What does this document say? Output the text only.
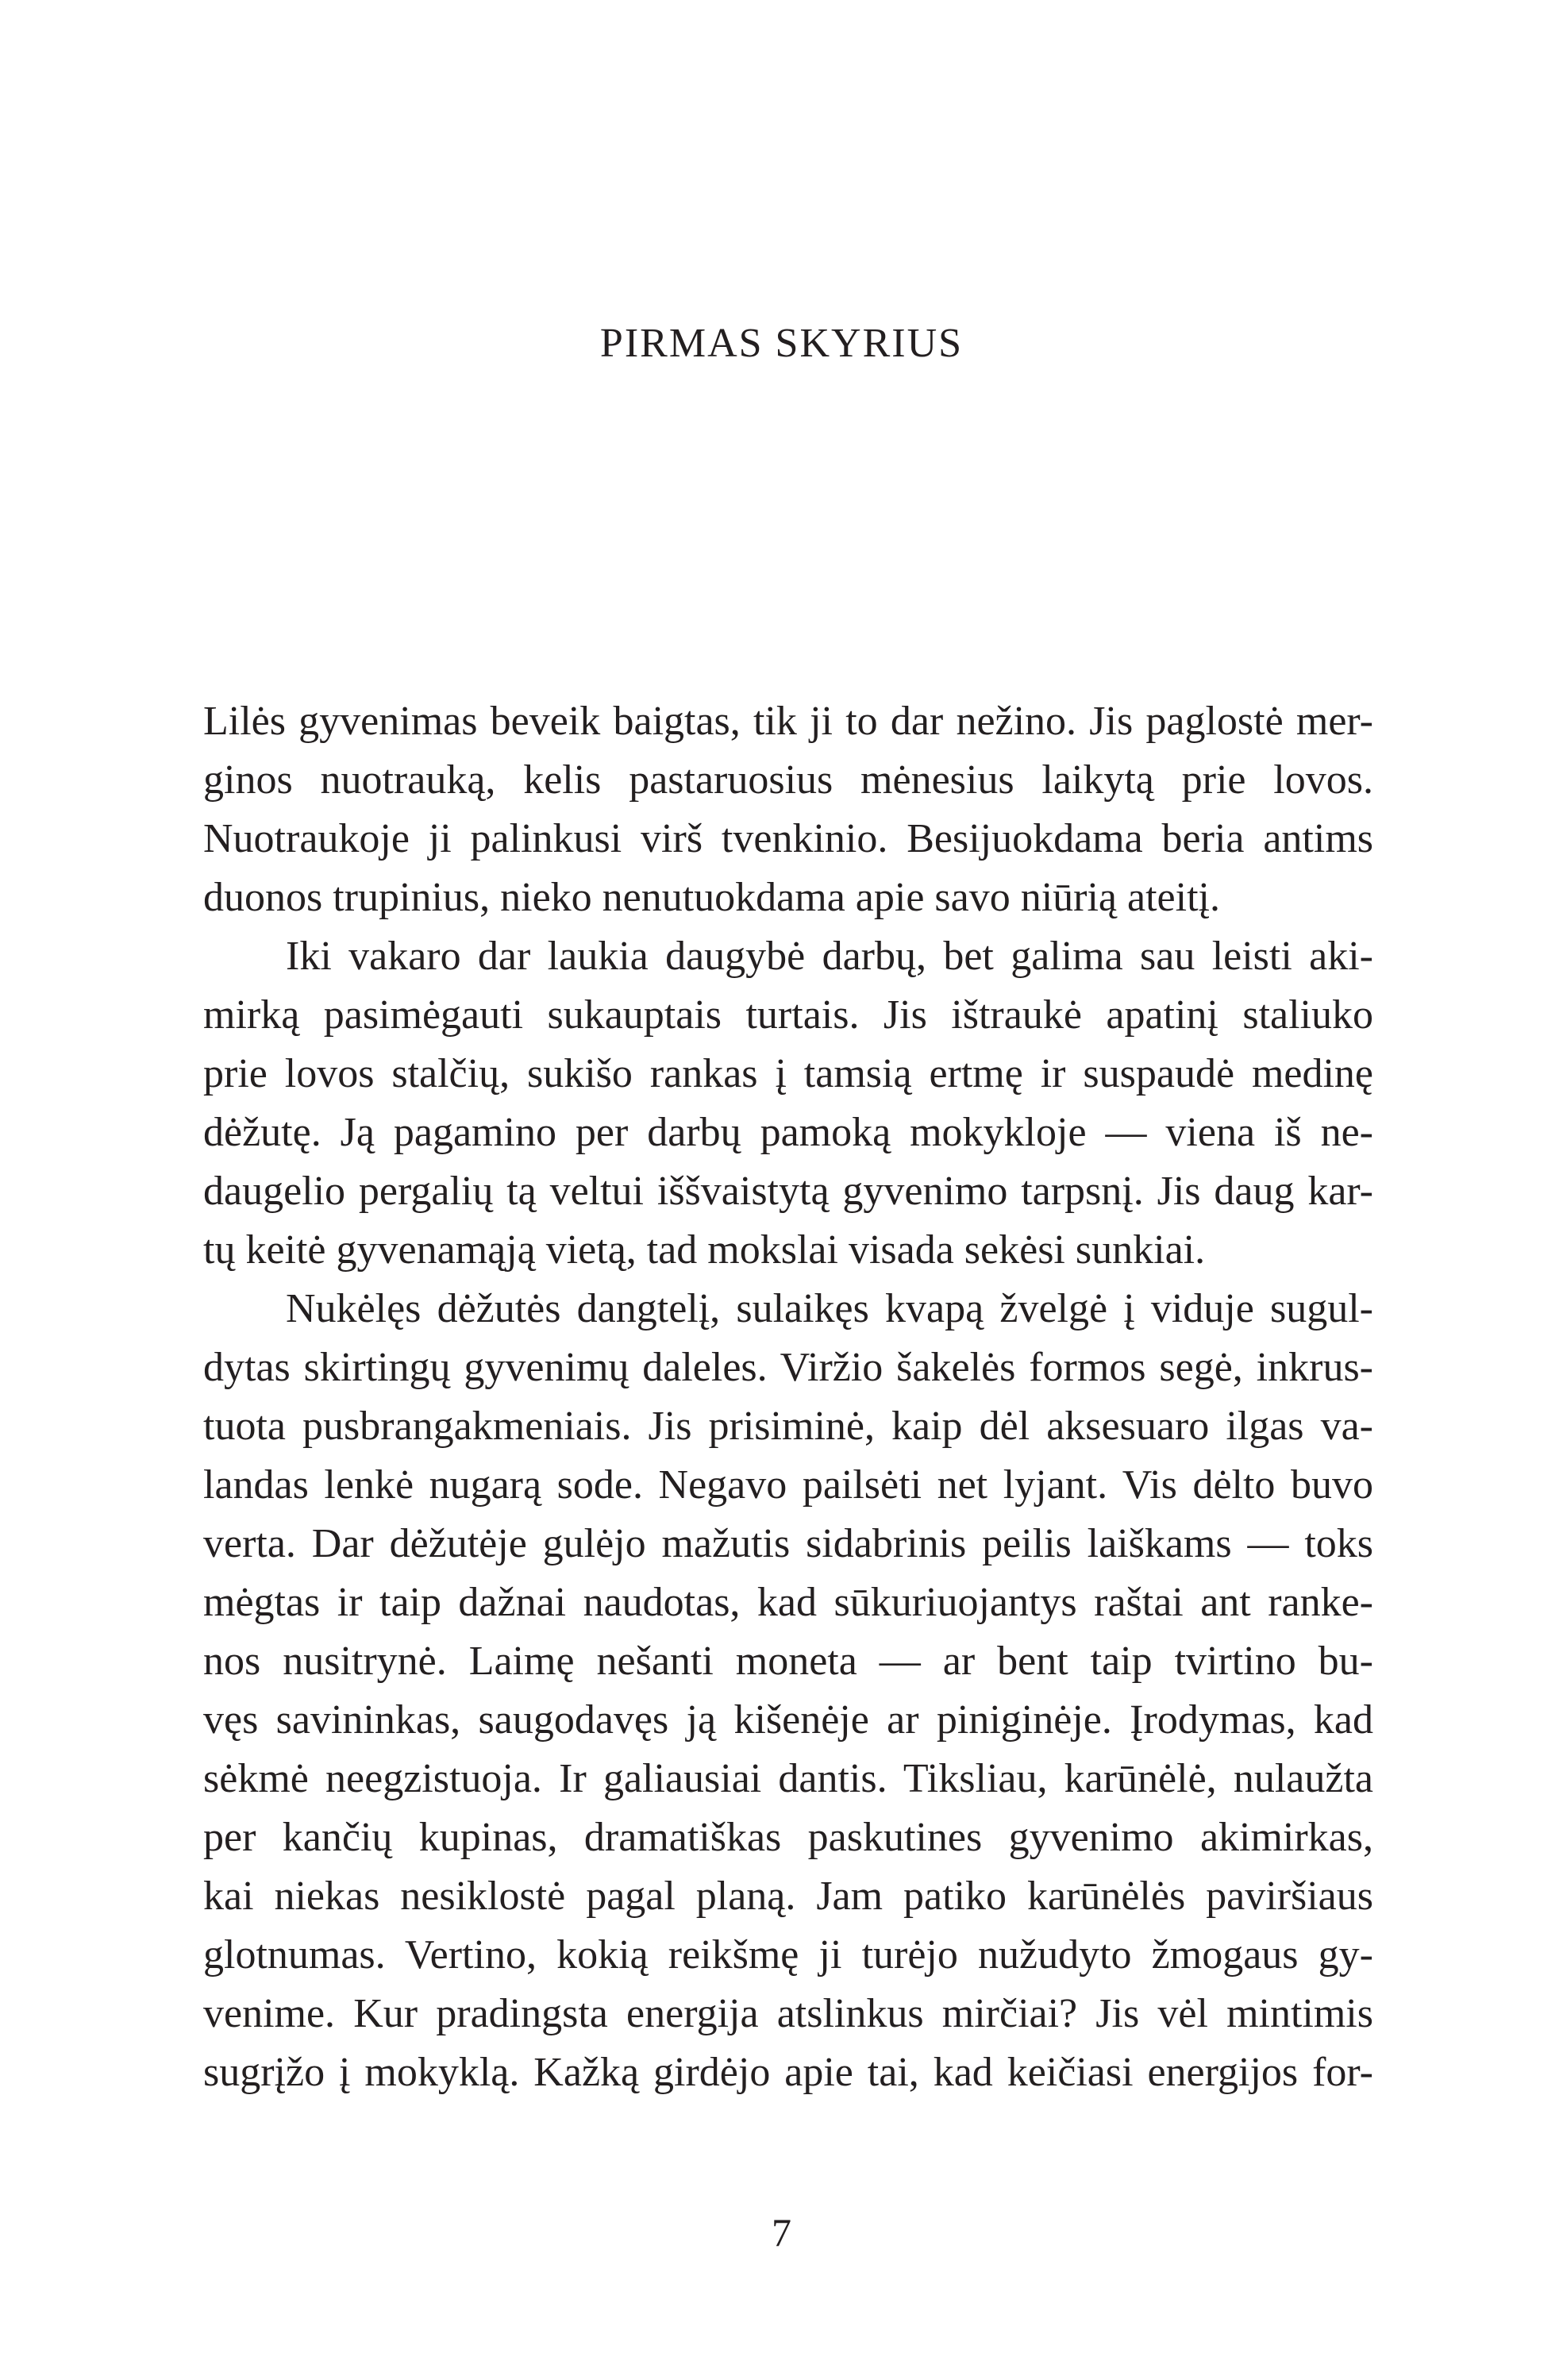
PIRMAS SKYRIUS
Lilės gyvenimas beveik baigtas, tik ji to dar nežino. Jis paglostė mer-
ginos nuotrauką, kelis pastaruosius mėnesius laikytą prie lovos.
Nuotraukoje ji palinkusi virš tvenkinio. Besijuokdama beria antims
duonos trupinius, nieko nenutuokdama apie savo niūrią ateitį.
Iki vakaro dar laukia daugybė darbų, bet galima sau leisti aki-
mirką pasimėgauti sukauptais turtais. Jis ištraukė apatinį staliuko
prie lovos stalčių, sukišo rankas į tamsią ertmę ir suspaudė medinę
dėžutę. Ją pagamino per darbų pamoką mokykloje — viena iš ne-
daugelio pergalių tą veltui iššvaistytą gyvenimo tarpsnį. Jis daug kar-
tų keitė gyvenamąją vietą, tad mokslai visada sekėsi sunkiai.
Nukėlęs dėžutės dangtelį, sulaikęs kvapą žvelgė į viduje sugul-
dytas skirtingų gyvenimų daleles. Viržio šakelės formos segė, inkrus-
tuota pusbrangakmeniais. Jis prisiminė, kaip dėl aksesuaro ilgas va-
landas lenkė nugarą sode. Negavo pailsėti net lyjant. Vis dėlto buvo
verta. Dar dėžutėje gulėjo mažutis sidabrinis peilis laiškams — toks
mėgtas ir taip dažnai naudotas, kad sūkuriuojantys raštai ant ranke-
nos nusitrynė. Laimę nešanti moneta — ar bent taip tvirtino bu-
vęs savininkas, saugodavęs ją kišenėje ar piniginėje. Įrodymas, kad
sėkmė neegzistuoja. Ir galiausiai dantis. Tiksliau, karūnėlė, nulaužta
per kančių kupinas, dramatiškas paskutines gyvenimo akimirkas,
kai niekas nesiklostė pagal planą. Jam patiko karūnėlės paviršiaus
glotnumas. Vertino, kokią reikšmę ji turėjo nužudyto žmogaus gy-
venime. Kur pradingsta energija atslinkus mirčiai? Jis vėl mintimis
sugrįžo į mokyklą. Kažką girdėjo apie tai, kad keičiasi energijos for-
7
